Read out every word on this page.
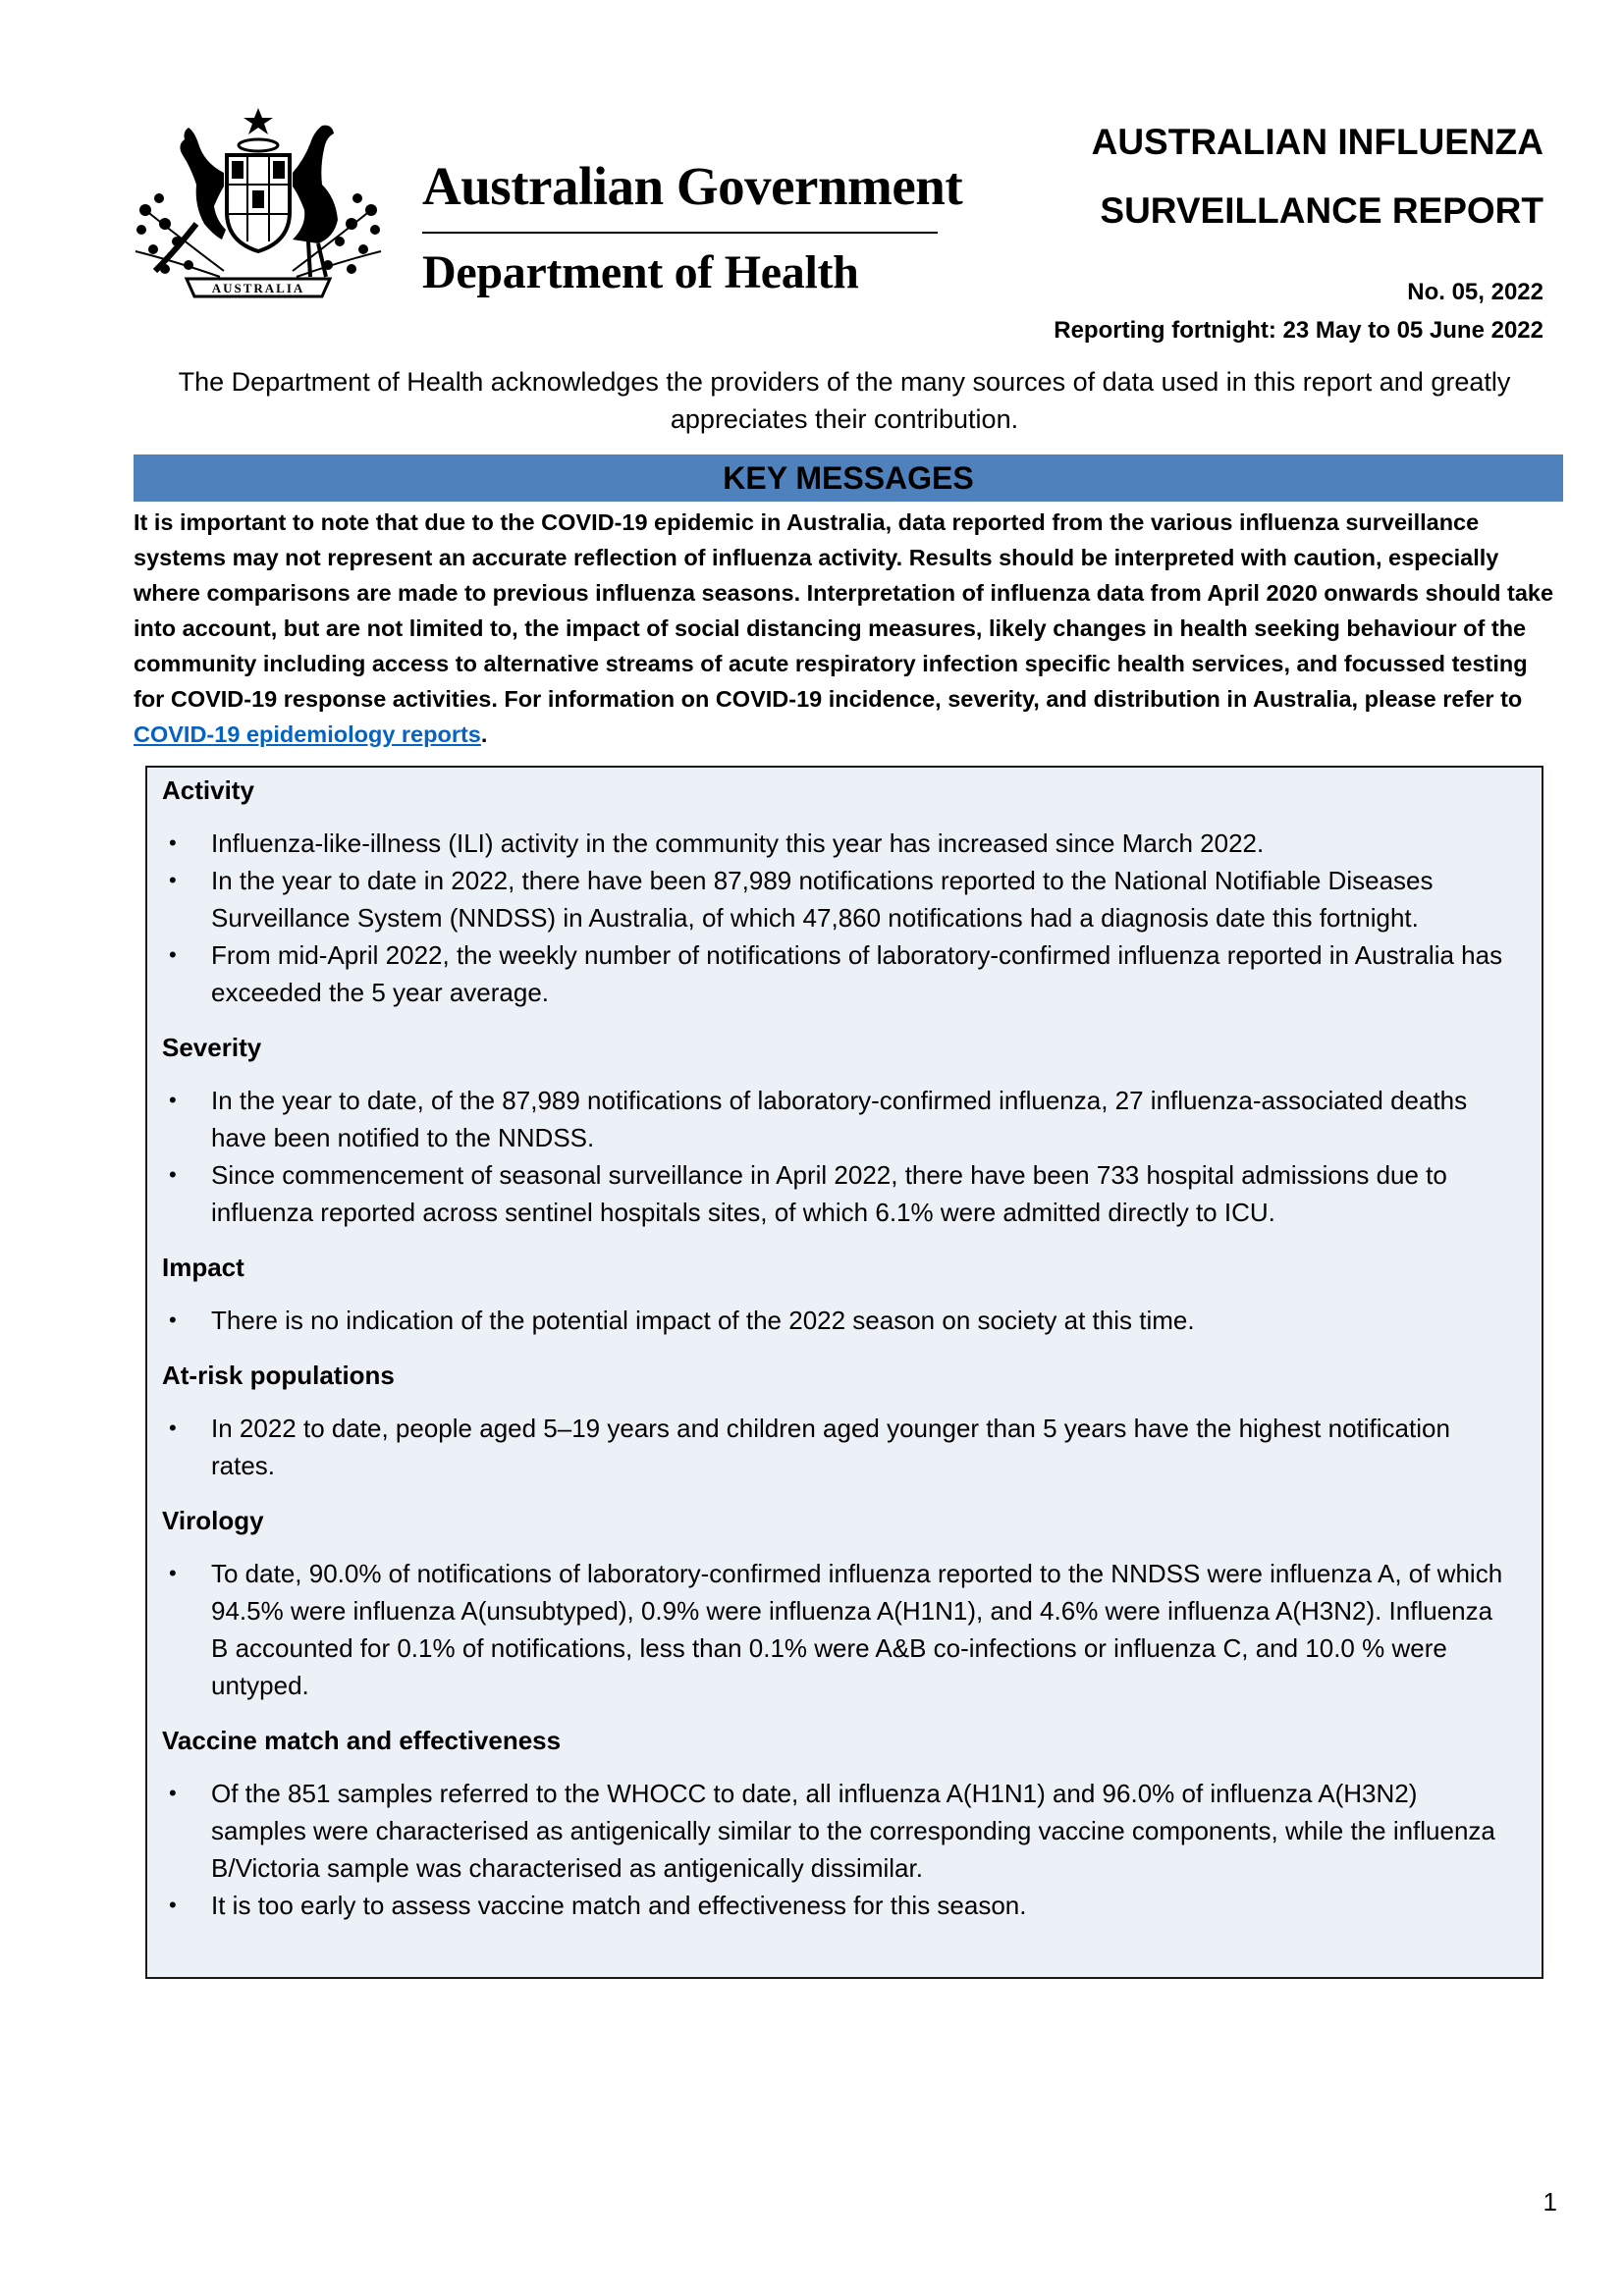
AUSTRALIA
Australian Government
Department of Health
AUSTRALIAN INFLUENZA
SURVEILLANCE REPORT
No. 05, 2022
Reporting fortnight: 23 May to 05 June 2022
The Department of Health acknowledges the providers of the many sources of data used in this report and greatly appreciates their contribution.
KEY MESSAGES
It is important to note that due to the COVID-19 epidemic in Australia, data reported from the various influenza surveillance systems may not represent an accurate reflection of influenza activity. Results should be interpreted with caution, especially where comparisons are made to previous influenza seasons. Interpretation of influenza data from April 2020 onwards should take into account, but are not limited to, the impact of social distancing measures, likely changes in health seeking behaviour of the community including access to alternative streams of acute respiratory infection specific health services, and focussed testing for COVID-19 response activities. For information on COVID-19 incidence, severity, and distribution in Australia, please refer to COVID-19 epidemiology reports.
Activity
• Influenza-like-illness (ILI) activity in the community this year has increased since March 2022.
• In the year to date in 2022, there have been 87,989 notifications reported to the National Notifiable Diseases Surveillance System (NNDSS) in Australia, of which 47,860 notifications had a diagnosis date this fortnight.
• From mid-April 2022, the weekly number of notifications of laboratory-confirmed influenza reported in Australia has exceeded the 5 year average.
Severity
• In the year to date, of the 87,989 notifications of laboratory-confirmed influenza, 27 influenza-associated deaths have been notified to the NNDSS.
• Since commencement of seasonal surveillance in April 2022, there have been 733 hospital admissions due to influenza reported across sentinel hospitals sites, of which 6.1% were admitted directly to ICU.
Impact
• There is no indication of the potential impact of the 2022 season on society at this time.
At-risk populations
• In 2022 to date, people aged 5–19 years and children aged younger than 5 years have the highest notification rates.
Virology
• To date, 90.0% of notifications of laboratory-confirmed influenza reported to the NNDSS were influenza A, of which 94.5% were influenza A(unsubtyped), 0.9% were influenza A(H1N1), and 4.6% were influenza A(H3N2). Influenza B accounted for 0.1% of notifications, less than 0.1% were A&B co-infections or influenza C, and 10.0 % were untyped.
Vaccine match and effectiveness
• Of the 851 samples referred to the WHOCC to date, all influenza A(H1N1) and 96.0% of influenza A(H3N2) samples were characterised as antigenically similar to the corresponding vaccine components, while the influenza B/Victoria sample was characterised as antigenically dissimilar.
• It is too early to assess vaccine match and effectiveness for this season.
1
